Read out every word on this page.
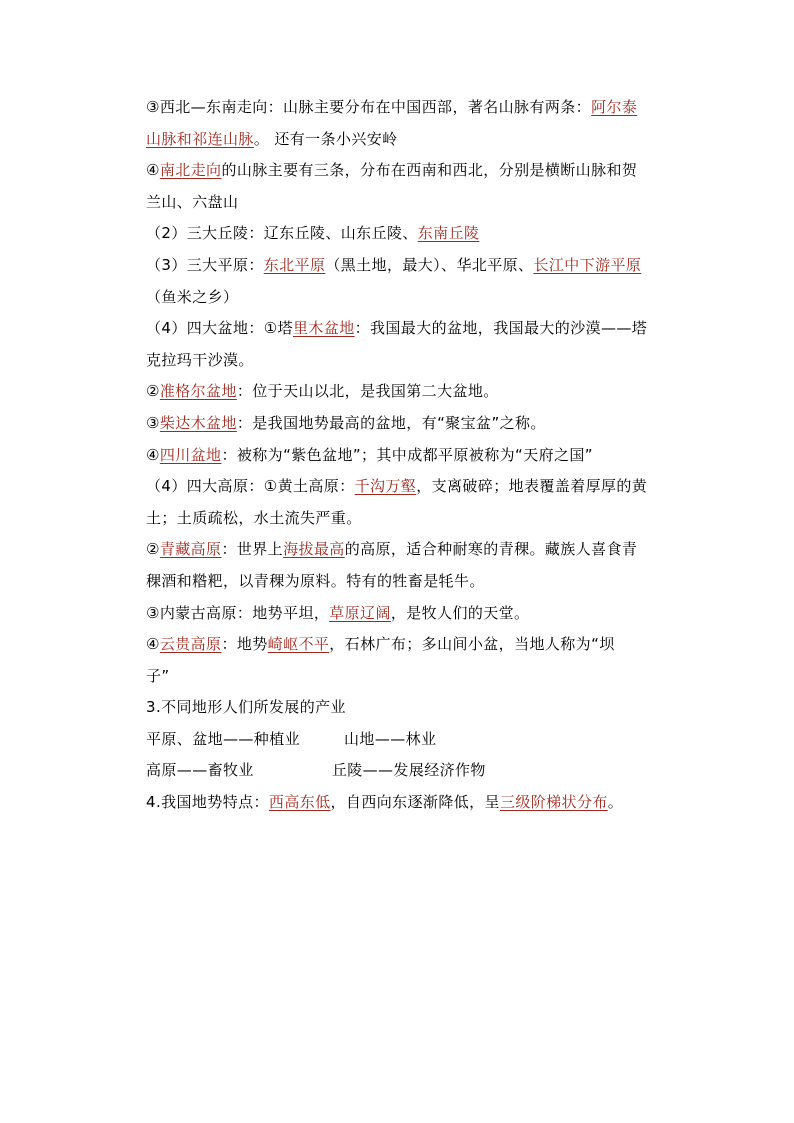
③西北—东南走向：山脉主要分布在中国西部，著名山脉有两条：阿尔泰
山脉和祁连山脉。 还有一条小兴安岭
④南北走向的山脉主要有三条，分布在西南和西北，分别是横断山脉和贺
兰山、六盘山
（2）三大丘陵：辽东丘陵、山东丘陵、东南丘陵
（3）三大平原：东北平原（黑土地，最大）、华北平原、长江中下游平原
（鱼米之乡）
（4）四大盆地：①塔里木盆地：我国最大的盆地，我国最大的沙漠——塔
克拉玛干沙漠。
②准格尔盆地：位于天山以北，是我国第二大盆地。
③柴达木盆地：是我国地势最高的盆地，有“聚宝盆”之称。
④四川盆地：被称为“紫色盆地”；其中成都平原被称为“天府之国”
（4）四大高原：①黄土高原：千沟万壑，支离破碎；地表覆盖着厚厚的黄
土；土质疏松，水土流失严重。
②青藏高原：世界上海拔最高的高原，适合种耐寒的青稞。藏族人喜食青
稞酒和糌粑，以青稞为原料。特有的牲畜是牦牛。
③内蒙古高原：地势平坦，草原辽阔，是牧人们的天堂。
④云贵高原：地势崎岖不平，石林广布；多山间小盆，当地人称为“坝
子”
3.不同地形人们所发展的产业
平原、盆地——种植业	山地——林业
高原——畜牧业	丘陵——发展经济作物
4.我国地势特点：西高东低，自西向东逐渐降低，呈三级阶梯状分布。
